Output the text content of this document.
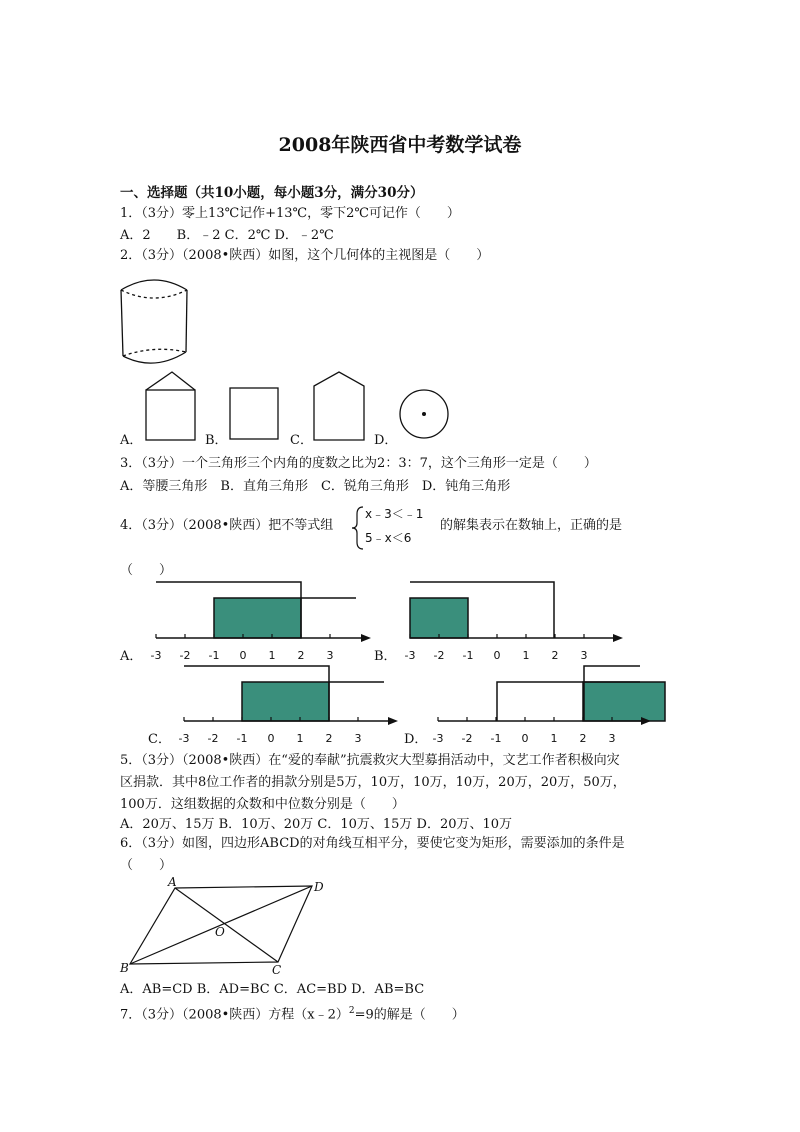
2008年陕西省中考数学试卷
一、选择题（共10小题，每小题3分，满分30分）
1．（3分）零上13℃记作+13℃，零下2℃可记作（　　）
A．2　　B．﹣2 C．2℃ D．﹣2℃
2．（3分）（2008•陕西）如图，这个几何体的主视图是（　　）
A．	B．	C．	D．
3．（3分）一个三角形三个内角的度数之比为2：3：7，这个三角形一定是（　　）
A．等腰三角形　B．直角三角形　C．锐角三角形　D．钝角三角形
4．（3分）（2008•陕西）把不等式组
x﹣3＜﹣1
5﹣x＜6
的解集表示在数轴上，正确的是
（　　）
A．	B．
C．	D．
5．（3分）（2008•陕西）在“爱的奉献”抗震救灾大型募捐活动中，文艺工作者积极向灾
区捐款．其中8位工作者的捐款分别是5万，10万，10万，10万，20万，20万，50万，
100万．这组数据的众数和中位数分别是（　　）
A．20万、15万 B．10万、20万 C．10万、15万 D．20万、10万
6．（3分）如图，四边形ABCD的对角线互相平分，要使它变为矩形，需要添加的条件是
（　　）
A．AB=CD B．AD=BC C．AC=BD D．AB=BC
7．（3分）（2008•陕西）方程（x﹣2）$^2$=9的解是（　　）
-3 -2 -1 0 1 2 3	-3 -2 -1 0 1 2 3
-3 -2 -1 0 1 2 3	-3 -2 -1 0 1 2 3
A
B	C
D
O
